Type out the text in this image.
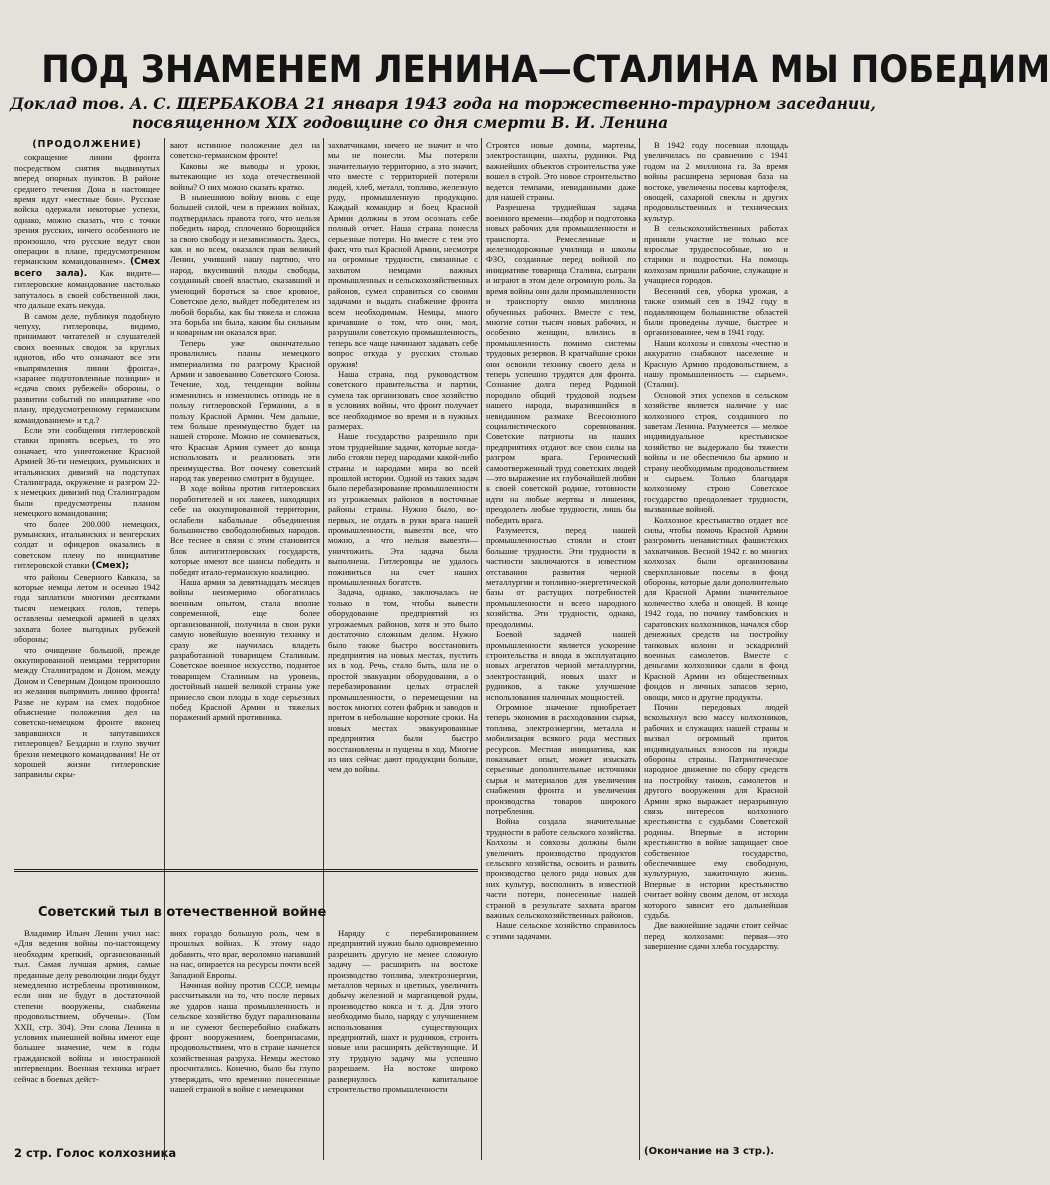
ПОД ЗНАМЕНЕМ ЛЕНИНА—СТАЛИНА МЫ ПОБЕДИМ
Доклад тов. А. С. ЩЕРБАКОВА 21 января 1943 года на торжественно-траурном заседании,
посвященном XIX годовщине со дня смерти В. И. Ленина

(ПРОДОЛЖЕНИЕ)

сокращение линии фронта посредством снятия выдвинутых вперед опорных пунктов. В районе среднего течения Дона в настоящее время идут «местные бои». Русские войска одержали некоторые успехи, однако, можно сказать, что с точки зрения русских, ничего особенного не произошло, что русские ведут свои операции в плане, предусмотренном германским командованием». (Смех всего зала). Как видите—гитлеровские командование настолько запуталось в своей собственной лжи, что дальше ехать некуда.

В самом деле, публикуя подобную чепуху, гитлеровцы, видимо, принимают читателей и слушателей своих военных сводок за круглых идиотов, ибо что означают все эти «выпрямления линии фронта», «заранее подготовленные позиции» и «сдача своих рубежей» обороны, о развитии событий по инициативе «по плану, предусмотренному германским командованием» и т.д.?

Если эти сообщения гитлеровской ставки принять всерьез, то это означает, что уничтожение Красной Армией 36-ти немецких, румынских и итальянских дивизий на подступах Сталинграда, окружение и разгром 22-х немецких дивизий под Сталинградом были предусмотрены планом немецкого командования;

что более 200.000 немецких, румынских, итальянских и венгерских солдат и офицеров оказались в советском плену по инициативе гитлеровской ставки (Смех);

что районы Северного Кавказа, за которые немцы летом и осенью 1942 года заплатили многими десятками тысяч немецких голов, теперь оставлены немецкой армией в целях захвата более выгодных рубежей обороны;

что очищение большой, прежде оккупированной немцами территории между Сталинградом и Доном, между Доном и Северным Донцом произошло из желания выпрямить линию фронта! Разве не курам на смех подобное объяснение положения дел на советско-немецком фронте вконец завравшихся и запутавшихся гитлеровцев? Бездарно и глупо звучит брехня немецкого командования! Не от хорошей жизни гитлеровские заправилы скры-

вают истинное положение дел на советско-германском фронте!

Каковы же выводы и уроки, вытекающие из хода отечественной войны? О них можно сказать кратко.

В нынешнюю войну вновь с еще большей силой, чем в прежних войнах, подтвердилась правота того, что нельзя победить народ, сплоченно борющийся за свою свободу и независимость. Здесь, как и во всем, оказался прав великий Ленин, учивший нашу партию, что народ, вкусивший плоды свободы, созданный своей властью, сказавший и умеющий бороться за свое кровное, Советское дело, выйдет победителем из любой борьбы, как бы тяжела и сложна эта борьба ни была, каким бы сильным и коварным ни оказался враг.

Теперь уже окончательно провалились планы немецкого империализма по разгрому Красной Армии и завоеванию Советского Союза. Течение, ход, тенденции войны изменились и изменились отнюдь не в пользу гитлеровской Германии, а в пользу Красной Армии. Чем дальше, тем больше преимущество будет на нашей стороне. Можно не сомневаться, что Красная Армия сумеет до конца использовать и реализовать эти преимущества. Вот почему советский народ так уверенно смотрит в будущее.

В ходе войны против гитлеровских поработителей и их лакеев, находящих себе на оккупированной территории, ослабели кабальные объединения большинство свободолюбивых народов. Все теснее в связи с этим становится блок антигитлеровских государств, которые имеют все шансы победить и победят итало-германскую коалицию.

Наша армия за девятнадцать месяцев войны неизмеримо обогатилась военным опытом, стала вполне современной, еще более организованной, получила в свои руки самую новейшую военную технику и сразу же научилась владеть разработанной товарищем Сталиным. Советское военное искусство, поднятое товарищем Сталиным на уровень, достойный нашей великой страны уже принесло свои плоды в ходе серьезных побед Красной Армии и тяжелых поражений армий противника.

захватчиками, ничего не значит и что мы не понесли. Мы потеряли значительную территорию, а это значит, что вместе с территорией потеряли людей, хлеб, металл, топливо, железную руду, промышленную продукцию. Каждый командир и боец Красной Армии должны в этом осознать себе полный отчет. Наша страна понесла серьезные потери. Но вместе с тем это факт, что тыл Красной Армии, несмотря на огромные трудности, связанные с захватом немцами важных промышленных и сельскохозяйственных районов, сумел справиться со своими задачами и выдать снабжение фронта всем необходимым. Немцы, много кричавшие о том, что они, мол, разрушили советскую промышленность, теперь все чаще начинают задавать себе вопрос откуда у русских столько оружия!

Наша страна, под руководством советского правительства и партии, сумела так организовать свое хозяйство в условиях войны, что фронт получает все необходимое во время и в нужных размерах.

Наше государство разрешило при этом труднейшие задачи, которые когда-либо стояли перед народами какой-либо страны и народами мира во всей прошлой истории. Одной из таких задач было перебазирование промышленности из угрожаемых районов в восточные районы страны. Нужно было, во-первых, не отдать в руки врага нашей промышленности, вывезти все, что можно, а что нельзя вывезти—уничтожить. Эта задача была выполнена. Гитлеровцы не удалось поживиться на счет наших промышленных богатств.

Задача, однако, заключалась не только в том, чтобы вывести оборудование предприятий из угрожаемых районов, хотя и это было достаточно сложным делом. Нужно было также быстро восстановить предприятия на новых местах, пустить их в ход. Речь, стало быть, шла не о простой эвакуации оборудования, а о перебазировании целых отраслей промышленности, о перемещении на восток многих сотен фабрик и заводов и притом в небольшие короткие сроки. На новых местах эвакуированные предприятия были быстро восстановлены и пущены в ход. Многие из них сейчас дают продукции больше, чем до войны.

Строятся новые домны, мартены, электростанции, шахты, рудники. Ряд важнейших объектов строительства уже вошел в строй. Это новое строительство ведется темпами, невиданными даже для нашей страны.

Разрешена труднейшая задача военного времени—подбор и подготовка новых рабочих для промышленности и транспорта. Ремесленные и железнодорожные училища и школы ФЗО, созданные перед войной по инициативе товарища Сталина, сыграли и играют в этом деле огромную роль. За время войны они дали промышленности и транспорту около миллиона обученных рабочих. Вместе с тем, многие сотни тысяч новых рабочих, и особенно женщин, влились в промышленность помимо системы трудовых резервов. В кратчайшие сроки они освоили технику своего дела и теперь успешно трудятся для фронта. Сознание долга перед Родиной породило общий трудовой подъем нашего народа, выразившийся в невиданном размахе Всесоюзного социалистического соревнования. Советские патриоты на наших предприятиях отдают все свои силы на разгром врага. Героический самоотверженный труд советских людей—это выражение их глубочайшей любви к своей советской родине, готовности идти на любые жертвы и лишения, преодолеть любые трудности, лишь бы победить врага.

Разумеется, перед нашей промышленностью стояли и стоят большие трудности. Эти трудности в частности заключаются в известном отставании развития черной металлургии и топливно-энергетической базы от растущих потребностей промышленности и всего народного хозяйства. Эти трудности, однако, преодолимы.

Боевой задачей нашей промышленности является ускорение строительства и ввода в эксплуатацию новых агрегатов черной металлургии, электростанций, новых шахт и рудников, а также улучшение использования наличных мощностей.

Огромное значение приобретает теперь экономия в расходовании сырья, топлива, электроэнергии, металла и мобилизация всякого рода местных ресурсов. Местная инициатива, как показывает опыт, может изыскать серьезные дополнительные источники сырья и материалов для увеличения снабжения фронта и увеличения производства товаров широкого потребления.

Война создала значительные трудности в работе сельского хозяйства. Колхозы и совхозы должны были увеличить производство продуктов сельского хозяйства, освоить и развить производство целого ряда новых для них культур, восполнить в известной части потери, понесенные нашей страной в результате захвата врагом важных сельскохозяйственных районов.

Наше сельское хозяйство справилось с этими задачами.

В 1942 году посевная площадь увеличилась по сравнению с 1941 годом на 2 миллиона га. За время войны расширена зерновая база на востоке, увеличены посевы картофеля, овощей, сахарной свеклы и других продовольственных и технических культур.

В сельскохозяйственных работах приняли участие не только все взрослые трудоспособные, но и старики и подростки. На помощь колхозам пришли рабочие, служащие и учащиеся городов.

Весенний сев, уборка урожая, а также озимый сев в 1942 году в подавляющем большинстве областей были проведены лучше, быстрее и организованнее, чем в 1941 году.

Наши колхозы и совхозы «честно и аккуратно снабжают население и Красную Армию продовольствием, а нашу промышленность — сырьем». (Сталин).

Основой этих успехов в сельском хозяйстве является наличие у нас колхозного строя, созданного по заветам Ленина. Разумеется — мелкое индивидуальное крестьянское хозяйство не выдержало бы тяжести войны и не обеспечило бы армию и страну необходимым продовольствием и сырьем. Только благодаря колхозному строю Советское государство преодолевает трудности, вызванные войной.

Колхозное крестьянство отдает все силы, чтобы помочь Красной Армии разгромить ненавистных фашистских захватчиков. Весной 1942 г. во многих колхозах были организованы сверхплановые посевы в фонд обороны, которые дали дополнительно для Красной Армии значительное количество хлеба и овощей. В конце 1942 года, по почину тамбовских и саратовских колхозников, начался сбор денежных средств на постройку танковых колонн и эскадрилий военных самолетов. Вместе с деньгами колхозники сдали в фонд Красной Армии из общественных фондов и личных запасов зерно, овощи, мясо и другие продукты.

Почин передовых людей всколыхнул всю массу колхозников, рабочих и служащих нашей страны и вызвал огромный приток индивидуальных взносов на нужды обороны страны. Патриотическое народное движение по сбору средств на постройку танков, самолетов и другого вооружения для Красной Армии ярко выражает неразрывную связь интересов колхозного крестьянства с судьбами Советской родины. Впервые в истории крестьянство в войне защищает свое собственное государство, обеспечившее ему свободную, культурную, зажиточную жизнь. Впервые в истории крестьянство считает войну своим делом, от исхода которого зависит его дальнейшая судьба.

Две важнейшие задачи стоят сейчас перед колхозами: первая—это завершение сдачи хлеба государству.

Советский тыл в отечественной войне

Владимир Ильич Ленин учил нас: «Для ведения войны по-настоящему необходим крепкий, организованный тыл. Самая лучшая армия, самые преданные делу революции люди будут немедленно истреблены противником, если они не будут в достаточной степени вооружены, снабжены продовольствием, обучены». (Том XXII, стр. 304). Эти слова Ленина в условиях нынешней войны имеют еще большее значение, чем в годы гражданской войны и иностранной интервенции. Военная техника играет сейчас в боевых дейст-

виях гораздо большую роль, чем в прошлых войнах. К этому надо добавить, что враг, вероломно напавший на нас, опирается на ресурсы почти всей Западной Европы.

Начиная войну против СССР, немцы рассчитывали на то, что после первых же ударов наша промышленность и сельское хозяйство будут парализованы и не сумеют бесперебойно снабжать фронт вооружением, боеприпасами, продовольствием, что в стране начнется хозяйственная разруха. Немцы жестоко просчитались. Конечно, было бы глупо утверждать, что временно понесенные нашей страной в войне с немецкими

Наряду с перебазированием предприятий нужно было одновременно разрешить другую не менее сложную задачу — расширить на востоке производство топлива, электроэнергии, металлов черных и цветных, увеличить добычу железной и марганцевой руды, производство кокса и т. д. Для этого необходимо было, наряду с улучшением использования существующих предприятий, шахт и рудников, строить новые или расширять действующие. И эту трудную задачу мы успешно разрешаем. На востоке широко развернулось капитальное строительство промышленности

2 стр. Голос колхозника	(Окончание на 3 стр.).
